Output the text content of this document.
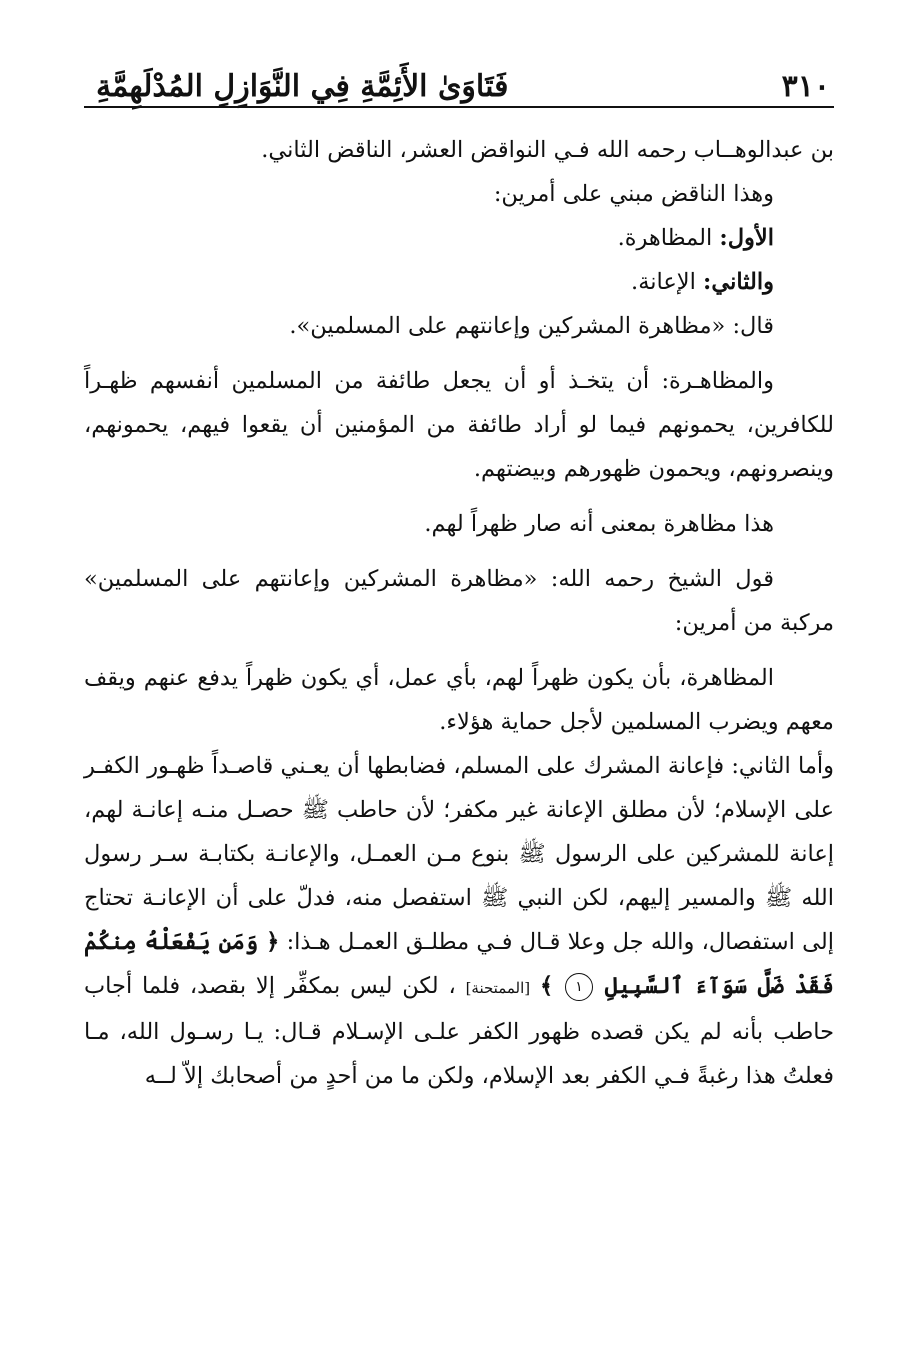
٣١٠
فَتَاوَىٰ الأَئِمَّةِ فِي النَّوَازِلِ المُدْلَهِمَّةِ

بن عبدالوهــاب رحمه الله فـي النواقض العشر، الناقض الثاني.

وهذا الناقض مبني على أمرين:

الأول: المظاهرة.

والثاني: الإعانة.

قال: «مظاهرة المشركين وإعانتهم على المسلمين».

والمظاهـرة: أن يتخـذ أو أن يجعل طائفة من المسلمين أنفسهم ظهـراً للكافرين، يحمونهم فيما لو أراد طائفة من المؤمنين أن يقعوا فيهم، يحمونهم، وينصرونهم، ويحمون ظهورهم وبيضتهم.

هذا مظاهرة بمعنى أنه صار ظهراً لهم.

قول الشيخ رحمه الله: «مظاهرة المشركين وإعانتهم على المسلمين» مركبة من أمرين:

المظاهرة، بأن يكون ظهراً لهم، بأي عمل، أي يكون ظهراً يدفع عنهم ويقف معهم ويضرب المسلمين لأجل حماية هؤلاء.

وأما الثاني: فإعانة المشرك على المسلم، فضابطها أن يعـني قاصـداً ظهـور الكفـر على الإسلام؛ لأن مطلق الإعانة غير مكفر؛ لأن حاطب ﷺ حصـل منـه إعانـة لهم، إعانة للمشركين على الرسول ﷺ بنوع مـن العمـل، والإعانـة بكتابـة سـر رسول الله ﷺ والمسير إليهم، لكن النبي ﷺ استفصل منه، فدلّ على أن الإعانـة تحتاج إلى استفصال، والله جل وعلا قـال فـي مطلـق العمـل هـذا: ﴿ وَمَن يَفْعَلْهُ مِنكُمْ فَقَدْ ضَلَّ سَوَآءَ ٱلسَّبِيلِ ١ ﴾ [الممتحنة] ، لكن ليس بمكفِّر إلا بقصد، فلما أجاب حاطب بأنه لم يكن قصده ظهور الكفر علـى الإسـلام قـال: يـا رسـول الله، مـا فعلتُ هذا رغبةً فـي الكفر بعد الإسلام، ولكن ما من أحدٍ من أصحابك إلاّ لــه
